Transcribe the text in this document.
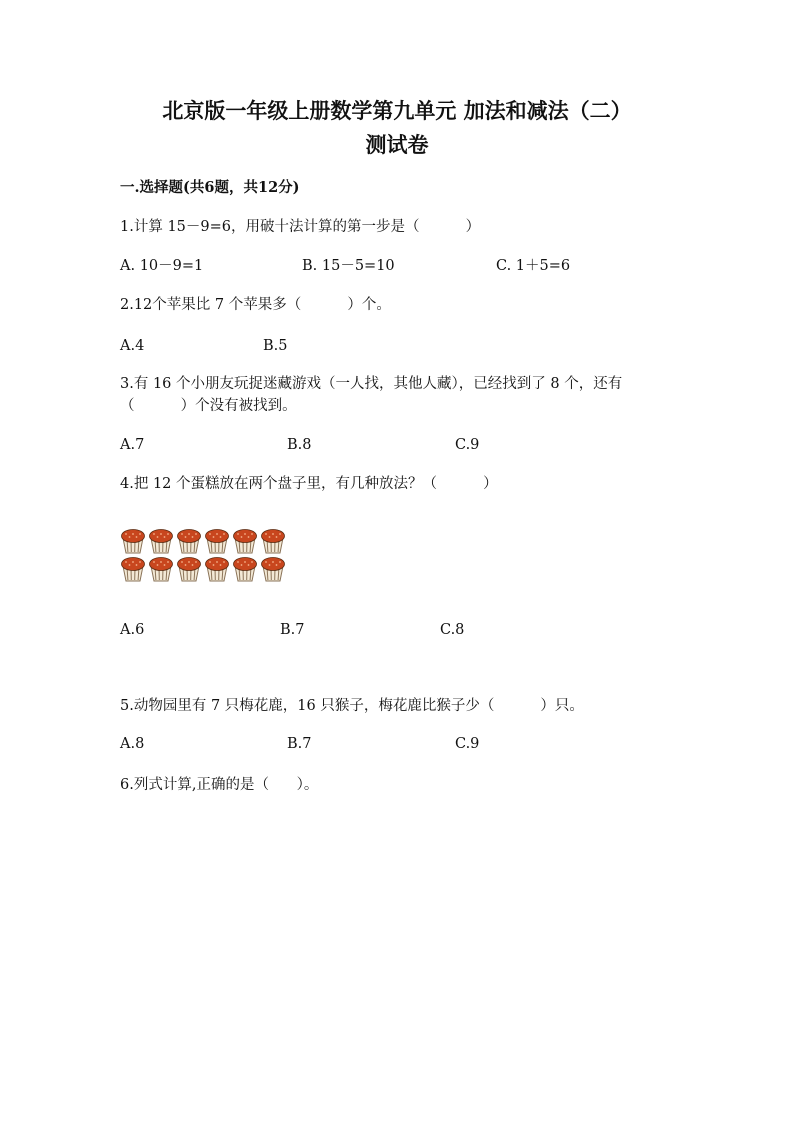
北京版一年级上册数学第九单元 加法和减法（二）
测试卷
一.选择题(共6题，共12分)
1.计算 15－9=6，用破十法计算的第一步是（          ）
A. 10－9=1	B. 15－5=10	C. 1＋5=6
2.12个苹果比 7 个苹果多（          ）个。
A.4	B.5
3.有 16 个小朋友玩捉迷藏游戏（一人找，其他人藏），已经找到了 8 个，还有
（          ）个没有被找到。
A.7	B.8	C.9
4.把 12 个蛋糕放在两个盘子里，有几种放法？（          ）
A.6	B.7	C.8
5.动物园里有 7 只梅花鹿，16 只猴子，梅花鹿比猴子少（          ）只。
A.8	B.7	C.9
6.列式计算,正确的是（      ）。
